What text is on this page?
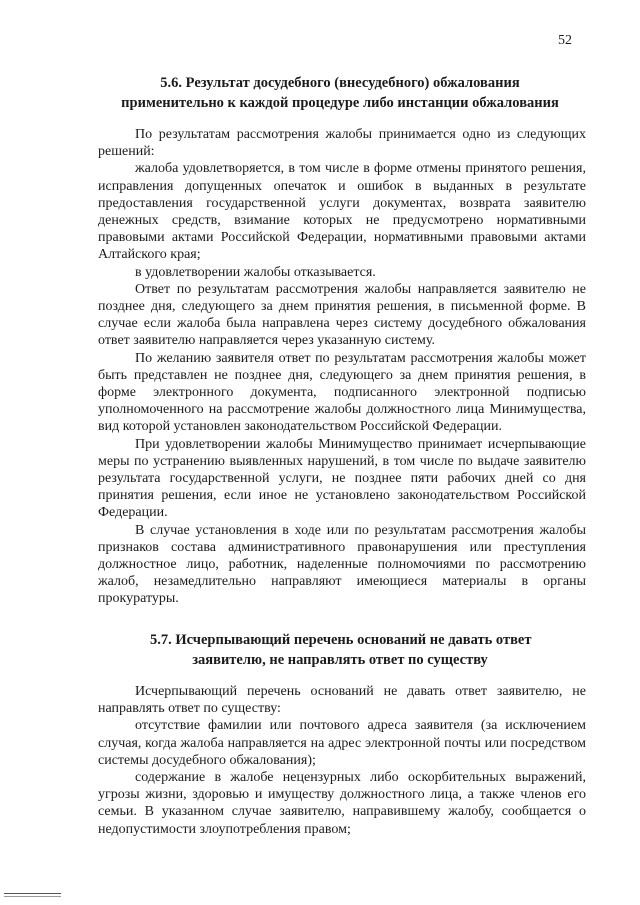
52
5.6. Результат досудебного (внесудебного) обжалования
применительно к каждой процедуре либо инстанции обжалования

По результатам рассмотрения жалобы принимается одно из следующих решений:

жалоба удовлетворяется, в том числе в форме отмены принятого решения, исправления допущенных опечаток и ошибок в выданных в результате предоставления государственной услуги документах, возврата заявителю денежных средств, взимание которых не предусмотрено нормативными правовыми актами Российской Федерации, нормативными правовыми актами Алтайского края;

в удовлетворении жалобы отказывается.

Ответ по результатам рассмотрения жалобы направляется заявителю не позднее дня, следующего за днем принятия решения, в письменной форме. В случае если жалоба была направлена через систему досудебного обжалования ответ заявителю направляется через указанную систему.

По желанию заявителя ответ по результатам рассмотрения жалобы может быть представлен не позднее дня, следующего за днем принятия решения, в форме электронного документа, подписанного электронной подписью уполномоченного на рассмотрение жалобы должностного лица Минимущества, вид которой установлен законодательством Российской Федерации.

При удовлетворении жалобы Минимущество принимает исчерпывающие меры по устранению выявленных нарушений, в том числе по выдаче заявителю результата государственной услуги, не позднее пяти рабочих дней со дня принятия решения, если иное не установлено законодательством Российской Федерации.

В случае установления в ходе или по результатам рассмотрения жалобы признаков состава административного правонарушения или преступления должностное лицо, работник, наделенные полномочиями по рассмотрению жалоб, незамедлительно направляют имеющиеся материалы в органы прокуратуры.

5.7. Исчерпывающий перечень оснований не давать ответ
заявителю, не направлять ответ по существу

Исчерпывающий перечень оснований не давать ответ заявителю, не направлять ответ по существу:

отсутствие фамилии или почтового адреса заявителя (за исключением случая, когда жалоба направляется на адрес электронной почты или посредством системы досудебного обжалования);

содержание в жалобе нецензурных либо оскорбительных выражений, угрозы жизни, здоровью и имуществу должностного лица, а также членов его семьи. В указанном случае заявителю, направившему жалобу, сообщается о недопустимости злоупотребления правом;
